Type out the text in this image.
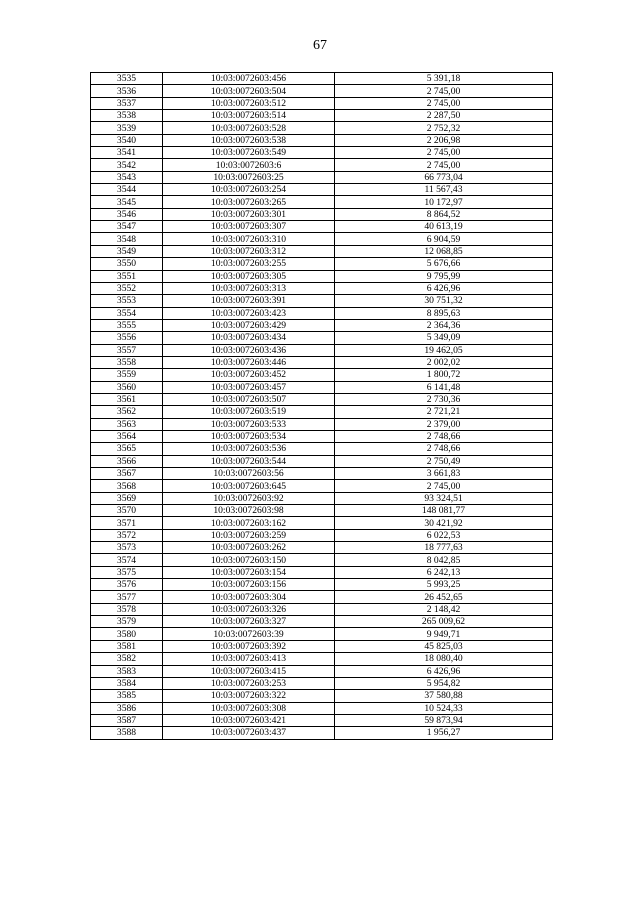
67
3535	10:03:0072603:456	5 391,18
3536	10:03:0072603:504	2 745,00
3537	10:03:0072603:512	2 745,00
3538	10:03:0072603:514	2 287,50
3539	10:03:0072603:528	2 752,32
3540	10:03:0072603:538	2 206,98
3541	10:03:0072603:549	2 745,00
3542	10:03:0072603:6	2 745,00
3543	10:03:0072603:25	66 773,04
3544	10:03:0072603:254	11 567,43
3545	10:03:0072603:265	10 172,97
3546	10:03:0072603:301	8 864,52
3547	10:03:0072603:307	40 613,19
3548	10:03:0072603:310	6 904,59
3549	10:03:0072603:312	12 068,85
3550	10:03:0072603:255	5 676,66
3551	10:03:0072603:305	9 795,99
3552	10:03:0072603:313	6 426,96
3553	10:03:0072603:391	30 751,32
3554	10:03:0072603:423	8 895,63
3555	10:03:0072603:429	2 364,36
3556	10:03:0072603:434	5 349,09
3557	10:03:0072603:436	19 462,05
3558	10:03:0072603:446	2 002,02
3559	10:03:0072603:452	1 800,72
3560	10:03:0072603:457	6 141,48
3561	10:03:0072603:507	2 730,36
3562	10:03:0072603:519	2 721,21
3563	10:03:0072603:533	2 379,00
3564	10:03:0072603:534	2 748,66
3565	10:03:0072603:536	2 748,66
3566	10:03:0072603:544	2 750,49
3567	10:03:0072603:56	3 661,83
3568	10:03:0072603:645	2 745,00
3569	10:03:0072603:92	93 324,51
3570	10:03:0072603:98	148 081,77
3571	10:03:0072603:162	30 421,92
3572	10:03:0072603:259	6 022,53
3573	10:03:0072603:262	18 777,63
3574	10:03:0072603:150	8 042,85
3575	10:03:0072603:154	6 242,13
3576	10:03:0072603:156	5 993,25
3577	10:03:0072603:304	26 452,65
3578	10:03:0072603:326	2 148,42
3579	10:03:0072603:327	265 009,62
3580	10:03:0072603:39	9 949,71
3581	10:03:0072603:392	45 825,03
3582	10:03:0072603:413	18 080,40
3583	10:03:0072603:415	6 426,96
3584	10:03:0072603:253	5 954,82
3585	10:03:0072603:322	37 580,88
3586	10:03:0072603:308	10 524,33
3587	10:03:0072603:421	59 873,94
3588	10:03:0072603:437	1 956,27
